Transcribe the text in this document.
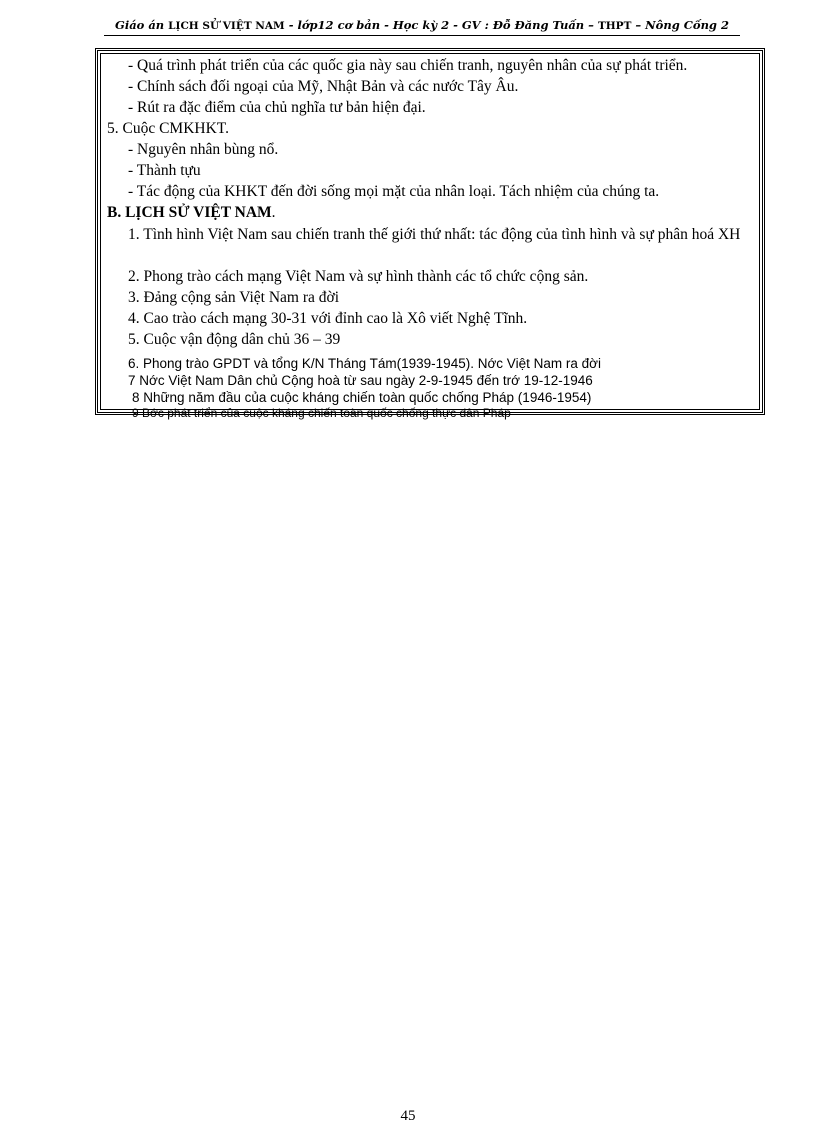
Giáo án LỊCH SỬ VIỆT NAM - lớp12 cơ bản - Học kỳ 2 - GV : Đỗ Đăng Tuấn – THPT – Nông Cống 2
- Quá trình phát triển của các quốc gia này sau chiến tranh, nguyên nhân của sự phát triển.
- Chính sách đối ngoại của Mỹ, Nhật Bản và các nước Tây Âu.
- Rút ra đặc điểm của chủ nghĩa tư bản hiện đại.
5. Cuộc CMKHKT.
- Nguyên nhân bùng nổ.
- Thành tựu
- Tác động của KHKT đến đời sống mọi mặt của nhân loại. Tách nhiệm của chúng ta.
B. LỊCH SỬ VIỆT NAM.
1. Tình hình Việt Nam sau chiến tranh thế giới thứ nhất: tác động của tình hình và sự phân hoá XH
2. Phong trào cách mạng Việt Nam và sự hình thành các tổ chức cộng sản.
3. Đảng cộng sản Việt Nam ra đời
4. Cao trào cách mạng 30-31 với đỉnh cao là Xô viết Nghệ Tĩnh.
5. Cuộc vận động dân chủ 36 – 39
6. Phong trào GPDT và tổng K/N Tháng Tám(1939-1945). Nớc Việt Nam ra đời
7 Nớc Việt Nam Dân chủ Cộng hoà từ sau ngày 2-9-1945 đến trớ 19-12-1946
8 Những năm đầu của cuộc kháng chiến toàn quốc chống Pháp (1946-1954)
9 Bớc phát triển của cuộc kháng chiến toàn quốc chống thực dân Pháp
45
